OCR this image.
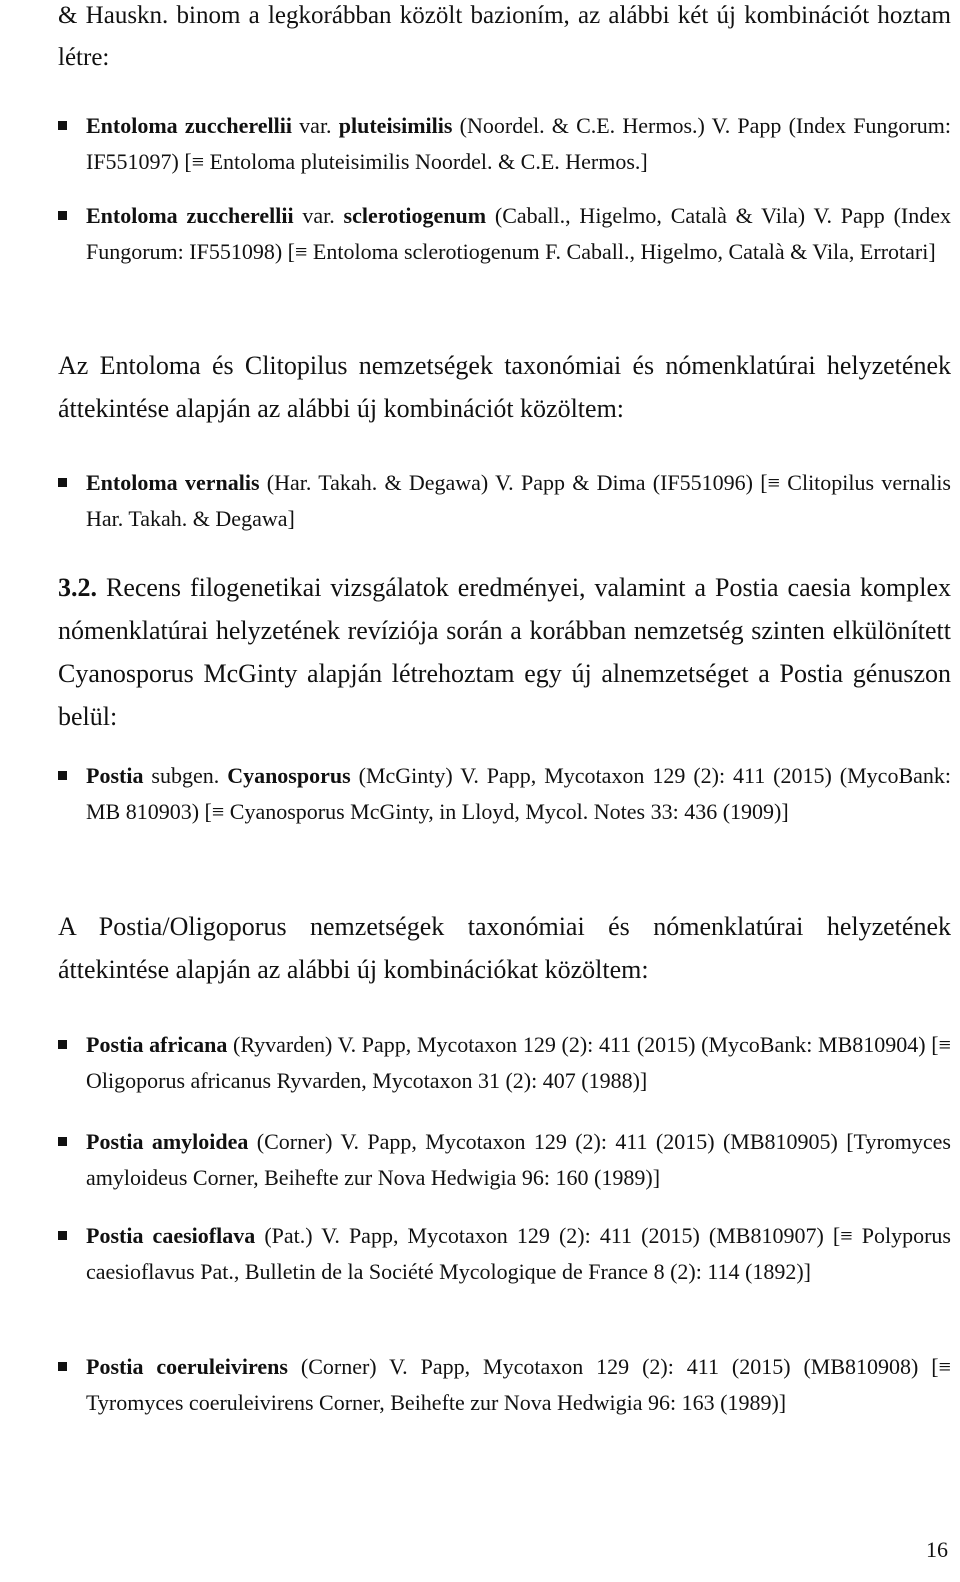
& Hauskn. binom a legkorábban közölt bazioním, az alábbi két új kombinációt hoztam létre:
Entoloma zuccherellii var. pluteisimilis (Noordel. & C.E. Hermos.) V. Papp (Index Fungorum: IF551097) [≡ Entoloma pluteisimilis Noordel. & C.E. Hermos.]
Entoloma zuccherellii var. sclerotiogenum (Caball., Higelmo, Català & Vila) V. Papp (Index Fungorum: IF551098) [≡ Entoloma sclerotiogenum F. Caball., Higelmo, Català & Vila, Errotari]
Az Entoloma és Clitopilus nemzetségek taxonómiai és nómenklatúrai helyzetének áttekintése alapján az alábbi új kombinációt közöltem:
Entoloma vernalis (Har. Takah. & Degawa) V. Papp & Dima (IF551096) [≡ Clitopilus vernalis Har. Takah. & Degawa]
3.2. Recens filogenetikai vizsgálatok eredményei, valamint a Postia caesia komplex nómenklatúrai helyzetének revíziója során a korábban nemzetség szinten elkülönített Cyanosporus McGinty alapján létrehoztam egy új alnemzetséget a Postia génuszon belül:
Postia subgen. Cyanosporus (McGinty) V. Papp, Mycotaxon 129 (2): 411 (2015) (MycoBank: MB 810903) [≡ Cyanosporus McGinty, in Lloyd, Mycol. Notes 33: 436 (1909)]
A Postia/Oligoporus nemzetségek taxonómiai és nómenklatúrai helyzetének áttekintése alapján az alábbi új kombinációkat közöltem:
Postia africana (Ryvarden) V. Papp, Mycotaxon 129 (2): 411 (2015) (MycoBank: MB810904) [≡ Oligoporus africanus Ryvarden, Mycotaxon 31 (2): 407 (1988)]
Postia amyloidea (Corner) V. Papp, Mycotaxon 129 (2): 411 (2015) (MB810905) [Tyromyces amyloideus Corner, Beihefte zur Nova Hedwigia 96: 160 (1989)]
Postia caesioflava (Pat.) V. Papp, Mycotaxon 129 (2): 411 (2015) (MB810907) [≡ Polyporus caesioflavus Pat., Bulletin de la Société Mycologique de France 8 (2): 114 (1892)]
Postia coeruleivirens (Corner) V. Papp, Mycotaxon 129 (2): 411 (2015) (MB810908) [≡ Tyromyces coeruleivirens Corner, Beihefte zur Nova Hedwigia 96: 163 (1989)]
16
